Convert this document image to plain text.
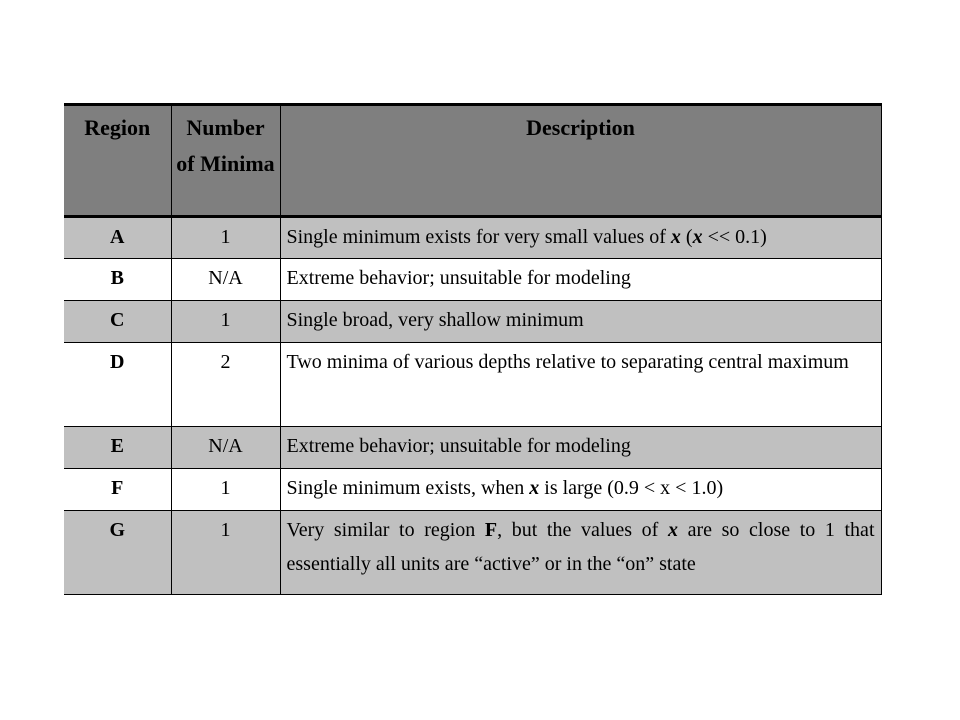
Region	Number of Minima	Description
A	1	Single minimum exists for very small values of x (x << 0.1)
B	N/A	Extreme behavior; unsuitable for modeling
C	1	Single broad, very shallow minimum
D	2	Two minima of various depths relative to separating central maximum
E	N/A	Extreme behavior; unsuitable for modeling
F	1	Single minimum exists, when x is large (0.9 < x < 1.0)
G	1	Very similar to region F, but the values of x are so close to 1 that essentially all units are “active” or in the “on” state
